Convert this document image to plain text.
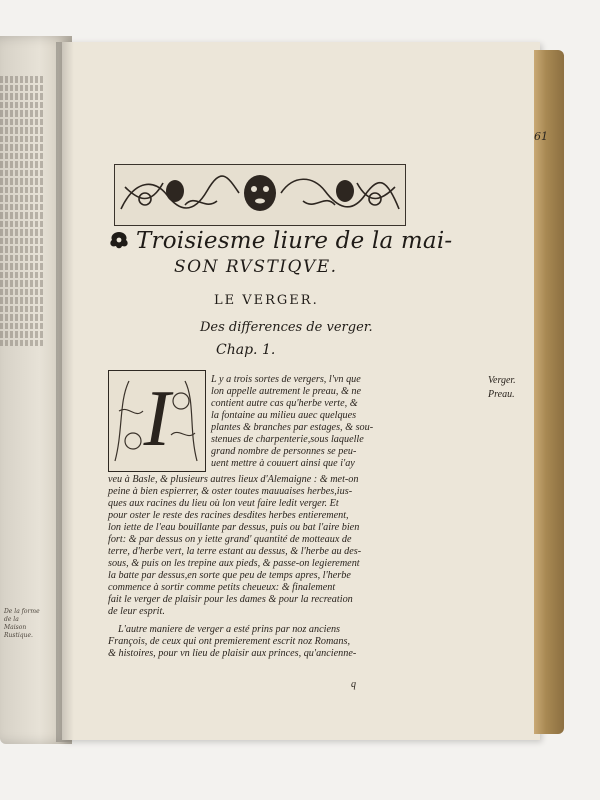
De la forme de la Maison Rustique.
61
Troisiesme liure de la mai-
SON RVSTIQVE.
LE VERGER.
Des differences de verger.
Chap. 1.
I	L y a trois sortes de vergers, l'vn que
lon appelle autrement le preau, & ne
contient autre cas qu'herbe verte, &
la fontaine au milieu auec quelques
plantes & branches par estages, & sou-
stenues de charpenterie,sous laquelle
grand nombre de personnes se peu-
uent mettre à couuert ainsi que i'ay
veu à Basle, & plusieurs autres lieux d'Alemaigne : & met-on
peine à bien espierrer, & oster toutes mauuaises herbes,ius-
ques aux racines du lieu où lon veut faire ledit verger. Et
pour oster le reste des racines desdites herbes entierement,
lon iette de l'eau bouillante par dessus, puis ou bat l'aire bien
fort: & par dessus on y iette grand' quantité de motteaux de
terre, d'herbe vert, la terre estant au dessus, & l'herbe au des-
sous, & puis on les trepine aux pieds, & passe-on legierement
la batte par dessus,en sorte que peu de temps apres, l'herbe
commence à sortir comme petits cheueux: & finalement
fait le verger de plaisir pour les dames & pour la recreation
de leur esprit.
L'autre maniere de verger a esté prins par noz anciens
François, de ceux qui ont premierement escrit noz Romans,
& histoires, pour vn lieu de plaisir aux princes, qu'ancienne-
Verger.
Preau.
q
